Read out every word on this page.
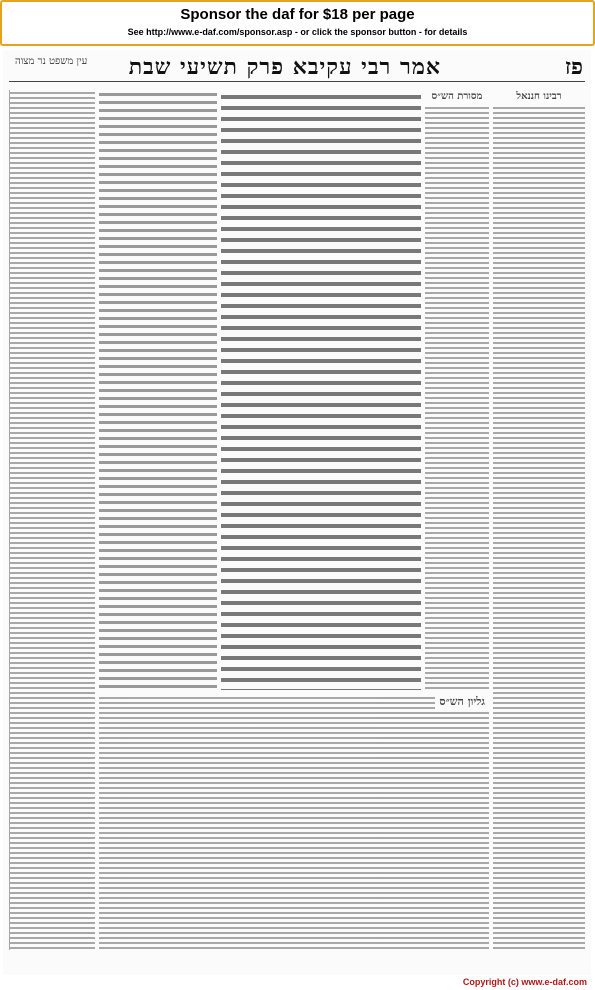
Sponsor the daf for $18 per page
See http://www.e-daf.com/sponsor.asp - or click the sponsor button - for details
פז
אמר רבי עקיבא פרק תשיעי שבת
עין משפט נר מצוה
רבינו חננאל
מסורת הש״ס
גליון הש״ס
Copyright (c) www.e-daf.com
